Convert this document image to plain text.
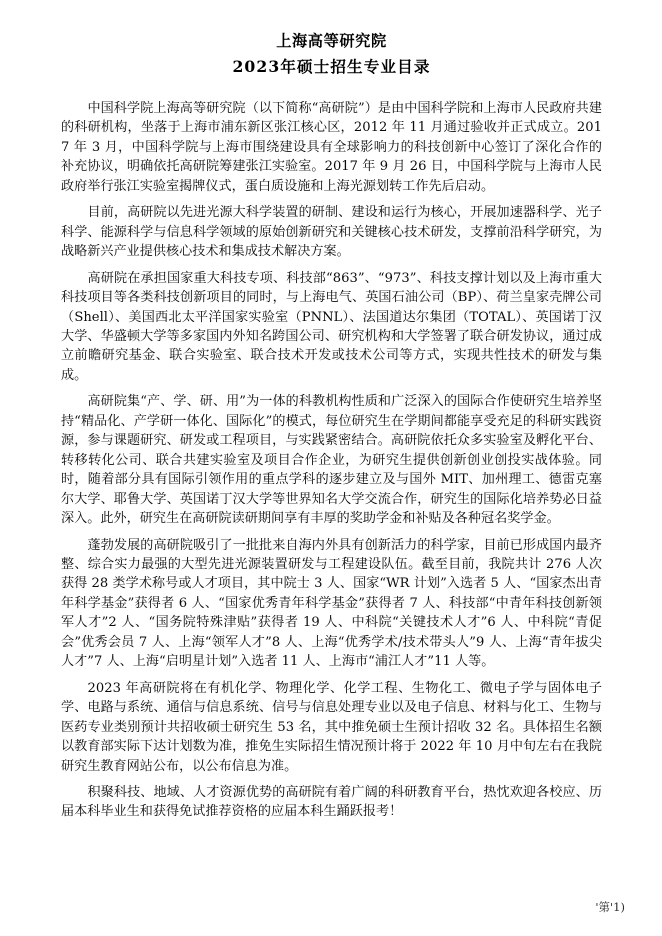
上海高等研究院
2023年硕士招生专业目录

中国科学院上海高等研究院（以下简称“高研院”）是由中国科学院和上海市人民政府共建的科研机构，坐落于上海市浦东新区张江核心区，2012 年 11 月通过验收并正式成立。2017 年 3 月，中国科学院与上海市围绕建设具有全球影响力的科技创新中心签订了深化合作的补充协议，明确依托高研院筹建张江实验室。2017 年 9 月 26 日，中国科学院与上海市人民政府举行张江实验室揭牌仪式，蛋白质设施和上海光源划转工作先后启动。

目前，高研院以先进光源大科学装置的研制、建设和运行为核心，开展加速器科学、光子科学、能源科学与信息科学领域的原始创新研究和关键核心技术研发，支撑前沿科学研究，为战略新兴产业提供核心技术和集成技术解决方案。

高研院在承担国家重大科技专项、科技部“863”、“973”、科技支撑计划以及上海市重大科技项目等各类科技创新项目的同时，与上海电气、英国石油公司（BP）、荷兰皇家壳牌公司（Shell）、美国西北太平洋国家实验室（PNNL）、法国道达尔集团（TOTAL）、英国诺丁汉大学、华盛顿大学等多家国内外知名跨国公司、研究机构和大学签署了联合研发协议，通过成立前瞻研究基金、联合实验室、联合技术开发或技术公司等方式，实现共性技术的研发与集成。

高研院集“产、学、研、用”为一体的科教机构性质和广泛深入的国际合作使研究生培养坚持“精品化、产学研一体化、国际化”的模式，每位研究生在学期间都能享受充足的科研实践资源，参与课题研究、研发或工程项目，与实践紧密结合。高研院依托众多实验室及孵化平台、转移转化公司、联合共建实验室及项目合作企业，为研究生提供创新创业创投实战体验。同时，随着部分具有国际引领作用的重点学科的逐步建立及与国外 MIT、加州理工、德雷克塞尔大学、耶鲁大学、英国诺丁汉大学等世界知名大学交流合作，研究生的国际化培养势必日益深入。此外，研究生在高研院读研期间享有丰厚的奖助学金和补贴及各种冠名奖学金。

蓬勃发展的高研院吸引了一批批来自海内外具有创新活力的科学家，目前已形成国内最齐整、综合实力最强的大型先进光源装置研发与工程建设队伍。截至目前，我院共计 276 人次获得 28 类学术称号或人才项目，其中院士 3 人、国家“WR 计划”入选者 5 人、“国家杰出青年科学基金”获得者 6 人、“国家优秀青年科学基金”获得者 7 人、科技部“中青年科技创新领军人才”2 人、“国务院特殊津贴”获得者 19 人、中科院“关键技术人才”6 人、中科院“青促会”优秀会员 7 人、上海“领军人才”8 人、上海“优秀学术/技术带头人”9 人、上海“青年拔尖人才”7 人、上海“启明星计划”入选者 11 人、上海市“浦江人才”11 人等。

2023 年高研院将在有机化学、物理化学、化学工程、生物化工、微电子学与固体电子学、电路与系统、通信与信息系统、信号与信息处理专业以及电子信息、材料与化工、生物与医药专业类别预计共招收硕士研究生 53 名，其中推免硕士生预计招收 32 名。具体招生名额以教育部实际下达计划数为准，推免生实际招生情况预计将于 2022 年 10 月中旬左右在我院研究生教育网站公布，以公布信息为准。

积聚科技、地域、人才资源优势的高研院有着广阔的科研教育平台，热忱欢迎各校应、历届本科毕业生和获得免试推荐资格的应届本科生踊跃报考！

'第'1)
